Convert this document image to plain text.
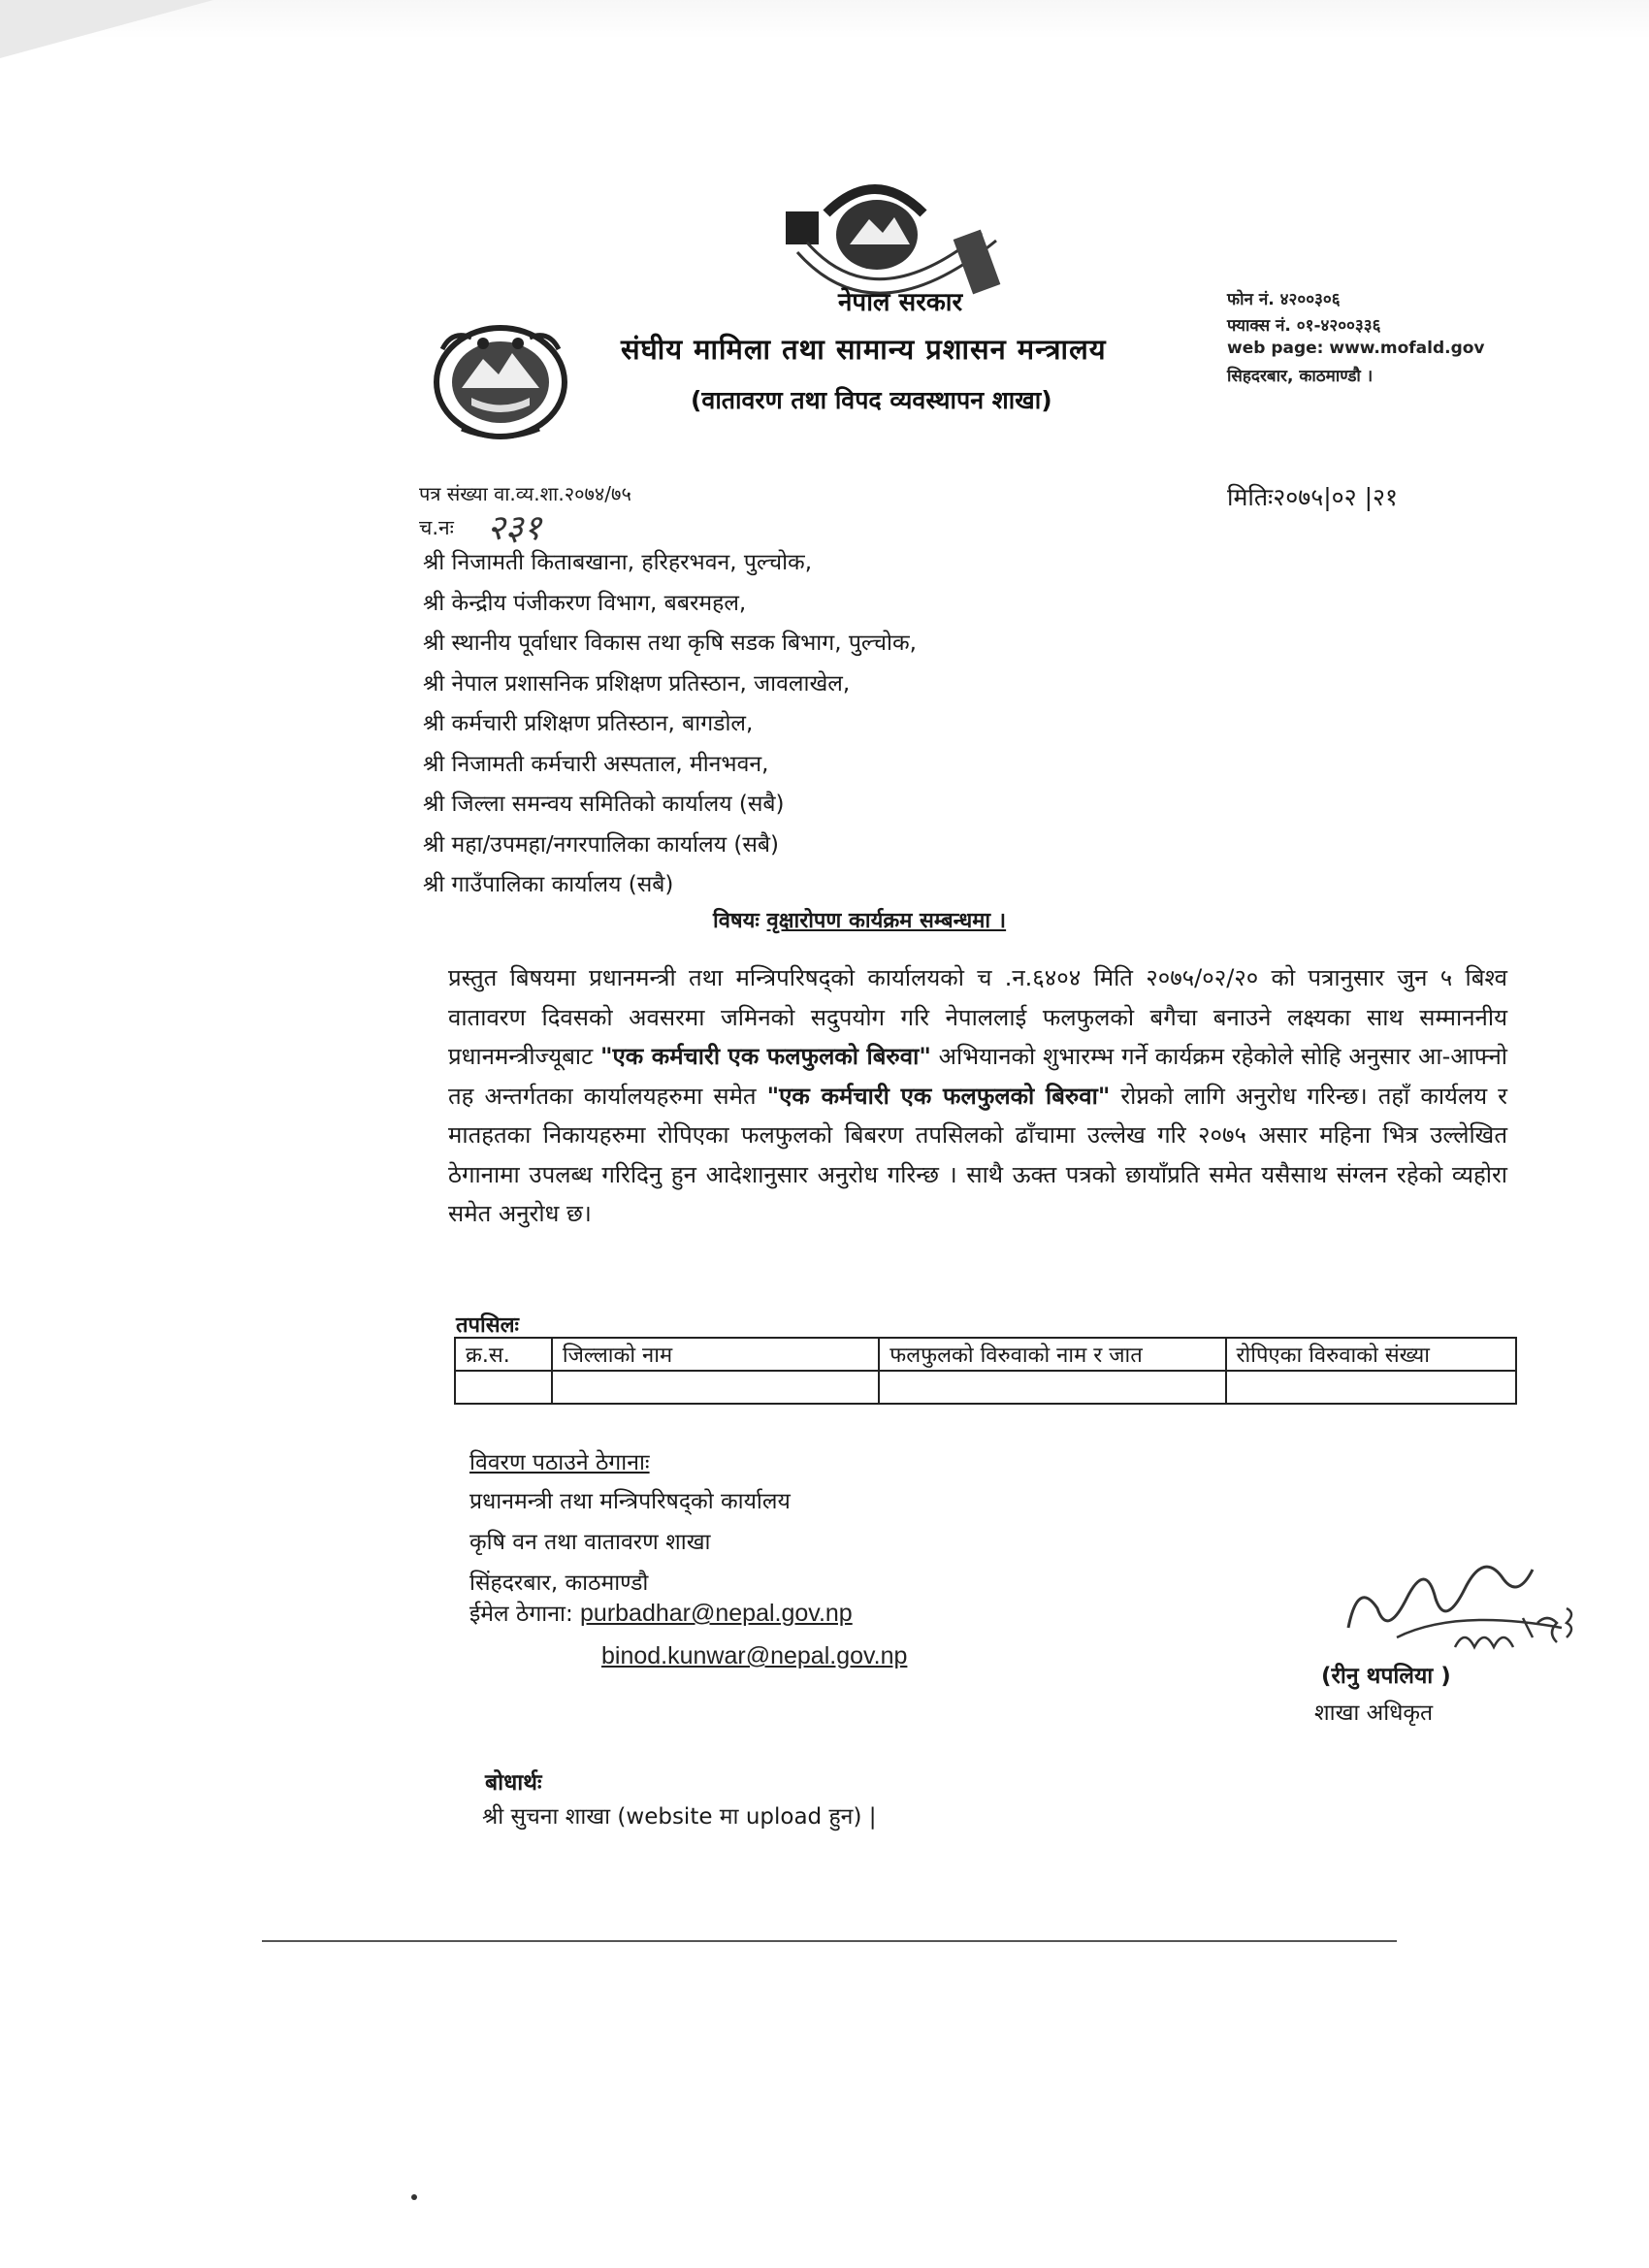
नेपाल सरकार
संघीय मामिला तथा सामान्य प्रशासन मन्त्रालय
(वातावरण तथा विपद व्यवस्थापन शाखा)
फोन नं. ४२००३०६
फ्याक्स नं. ०१-४२००३३६
web page: www.mofald.gov
सिहदरबार, काठमाण्डौ ।
पत्र संख्या वा.व्य.शा.२०७४/७५	मितिः२०७५|०२ |२१
च.नः २३१
श्री निजामती किताबखाना, हरिहरभवन, पुल्चोक,
श्री केन्द्रीय पंजीकरण विभाग, बबरमहल,
श्री स्थानीय पूर्वाधार विकास तथा कृषि सडक बिभाग, पुल्चोक,
श्री नेपाल प्रशासनिक प्रशिक्षण प्रतिस्ठान, जावलाखेल,
श्री कर्मचारी प्रशिक्षण प्रतिस्ठान, बागडोल,
श्री निजामती कर्मचारी अस्पताल, मीनभवन,
श्री जिल्ला समन्वय समितिको कार्यालय (सबै)
श्री महा/उपमहा/नगरपालिका कार्यालय (सबै)
श्री गाउँपालिका कार्यालय (सबै)
विषयः वृक्षारोपण कार्यक्रम सम्बन्धमा ।
प्रस्तुत बिषयमा प्रधानमन्त्री तथा मन्त्रिपरिषद्को कार्यालयको च .न.६४०४ मिति २०७५/०२/२० को पत्रानुसार जुन ५ बिश्व वातावरण दिवसको अवसरमा जमिनको सदुपयोग गरि नेपाललाई फलफुलको बगैचा बनाउने लक्ष्यका साथ सम्माननीय प्रधानमन्त्रीज्यूबाट "एक कर्मचारी एक फलफुलको बिरुवा" अभियानको शुभारम्भ गर्ने कार्यक्रम रहेकोले सोहि अनुसार आ-आफ्नो तह अन्तर्गतका कार्यालयहरुमा समेत "एक कर्मचारी एक फलफुलको बिरुवा" रोप्नको लागि अनुरोध गरिन्छ। तहाँ कार्यलय र मातहतका निकायहरुमा रोपिएका फलफुलको बिबरण तपसिलको ढाँचामा उल्लेख गरि २०७५ असार महिना भित्र उल्लेखित ठेगानामा उपलब्ध गरिदिनु हुन आदेशानुसार अनुरोध गरिन्छ । साथै ऊक्त पत्रको छायाँप्रति समेत यसैसाथ संग्लन रहेको व्यहोरा समेत अनुरोध छ।
तपसिलः
क्र.स.	जिल्लाको नाम	फलफुलको विरुवाको नाम र जात	रोपिएका विरुवाको संख्या

विवरण पठाउने ठेगानाः
प्रधानमन्त्री तथा मन्त्रिपरिषद्को कार्यालय
कृषि वन तथा वातावरण शाखा
सिंहदरबार, काठमाण्डौ
ईमेल ठेगाना: purbadhar@nepal.gov.np
binod.kunwar@nepal.gov.np
(रीनु थपलिया )
शाखा अधिकृत
बोधार्थः
श्री सुचना शाखा (website मा upload हुन) |
